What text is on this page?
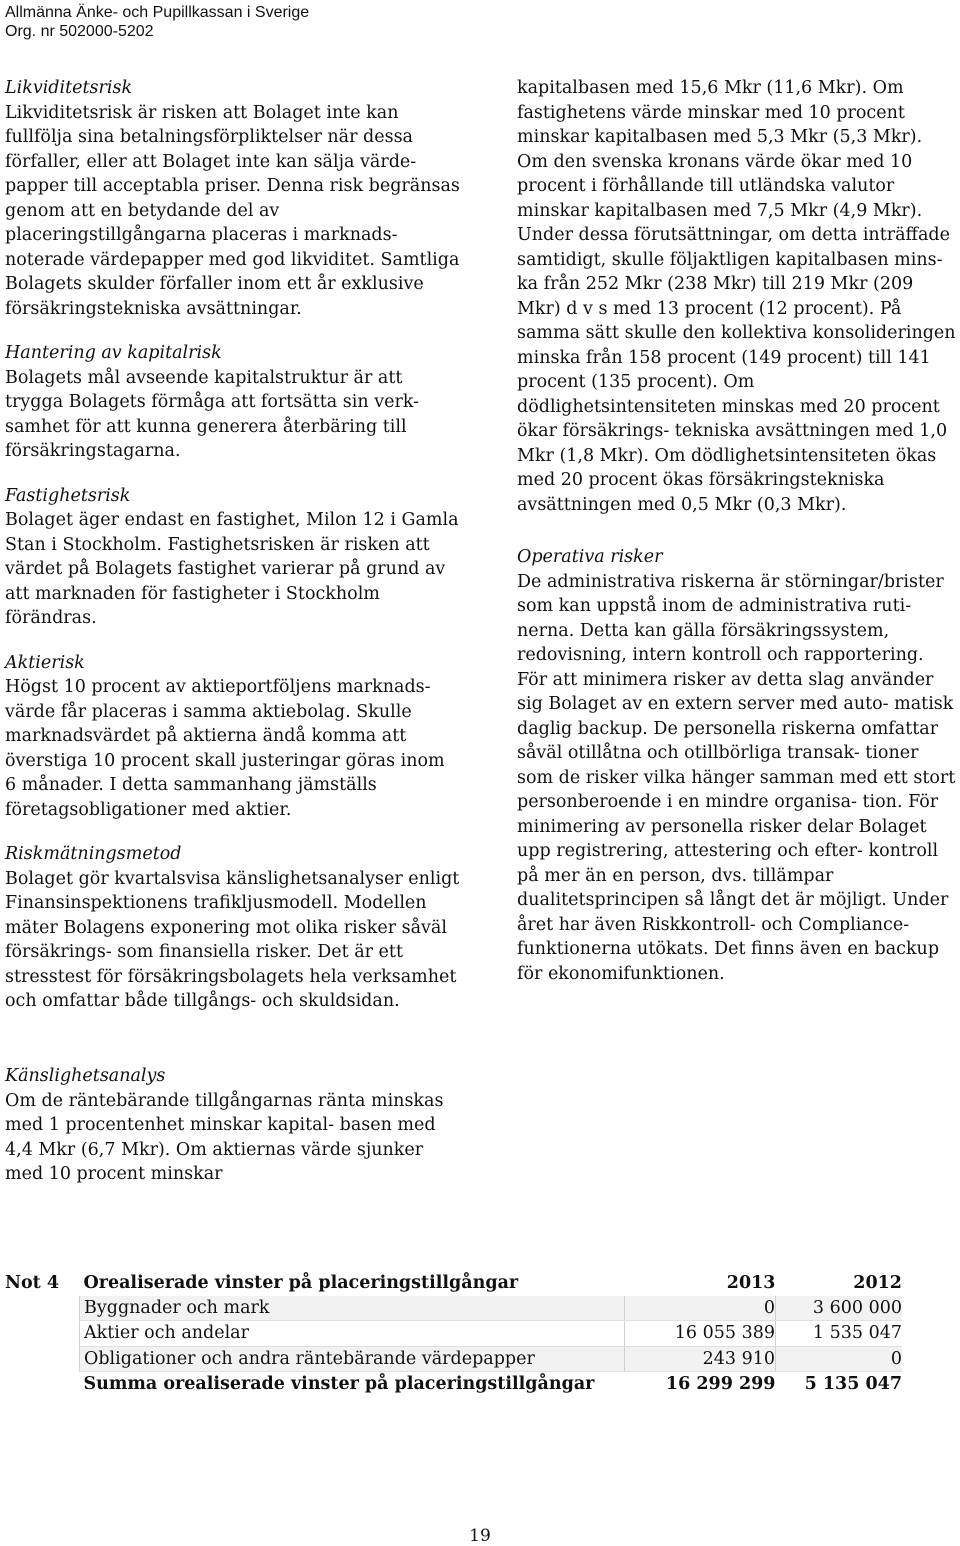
Allmänna Änke- och Pupillkassan i Sverige
Org. nr 502000-5202
Likviditetsrisk

Likviditetsrisk är risken att Bolaget inte kan fullfölja sina betalningsförpliktelser när dessa förfaller, eller att Bolaget inte kan sälja värde- papper till acceptabla priser. Denna risk begränsas genom att en betydande del av placeringstillgångarna placeras i marknads- noterade värdepapper med god likviditet. Samtliga Bolagets skulder förfaller inom ett år exklusive försäkringstekniska avsättningar.

Hantering av kapitalrisk

Bolagets mål avseende kapitalstruktur är att trygga Bolagets förmåga att fortsätta sin verk- samhet för att kunna generera återbäring till försäkringstagarna.

Fastighetsrisk

Bolaget äger endast en fastighet, Milon 12 i Gamla Stan i Stockholm. Fastighetsrisken är risken att värdet på Bolagets fastighet varierar på grund av att marknaden för fastigheter i Stockholm förändras.

Aktierisk

Högst 10 procent av aktieportföljens marknads- värde får placeras i samma aktiebolag. Skulle marknadsvärdet på aktierna ändå komma att överstiga 10 procent skall justeringar göras inom 6 månader. I detta sammanhang jämställs företagsobligationer med aktier.

Riskmätningsmetod

Bolaget gör kvartalsvisa känslighetsanalyser enligt Finansinspektionens trafikljusmodell. Modellen mäter Bolagens exponering mot olika risker såväl försäkrings- som finansiella risker. Det är ett stresstest för försäkringsbolagets hela verksamhet och omfattar både tillgångs- och skuldsidan.

Känslighetsanalys

Om de räntebärande tillgångarnas ränta minskas med 1 procentenhet minskar kapital- basen med 4,4 Mkr (6,7 Mkr). Om aktiernas värde sjunker med 10 procent minskar

kapitalbasen med 15,6 Mkr (11,6 Mkr). Om fastighetens värde minskar med 10 procent minskar kapitalbasen med 5,3 Mkr (5,3 Mkr). Om den svenska kronans värde ökar med 10 procent i förhållande till utländska valutor minskar kapitalbasen med 7,5 Mkr (4,9 Mkr). Under dessa förutsättningar, om detta inträffade samtidigt, skulle följaktligen kapitalbasen mins- ka från 252 Mkr (238 Mkr) till 219 Mkr (209 Mkr) d v s med 13 procent (12 procent). På samma sätt skulle den kollektiva konsolideringen minska från 158 procent (149 procent) till 141 procent (135 procent). Om dödlighetsintensiteten minskas med 20 procent ökar försäkrings- tekniska avsättningen med 1,0 Mkr (1,8 Mkr). Om dödlighetsintensiteten ökas med 20 procent ökas försäkringstekniska avsättningen med 0,5 Mkr (0,3 Mkr).

Operativa risker

De administrativa riskerna är störningar/brister som kan uppstå inom de administrativa ruti- nerna. Detta kan gälla försäkringssystem, redovisning, intern kontroll och rapportering. För att minimera risker av detta slag använder sig Bolaget av en extern server med auto- matisk daglig backup. De personella riskerna omfattar såväl otillåtna och otillbörliga transak- tioner som de risker vilka hänger samman med ett stort personberoende i en mindre organisa- tion. För minimering av personella risker delar Bolaget upp registrering, attestering och efter- kontroll på mer än en person, dvs. tillämpar dualitetsprincipen så långt det är möjligt. Under året har även Riskkontroll- och Compliance- funktionerna utökats. Det finns även en backup för ekonomifunktionen.

Not 4	Orealiserade vinster på placeringstillgångar	2013	2012
	Byggnader och mark	0	3 600 000
	Aktier och andelar	16 055 389	1 535 047
	Obligationer och andra räntebärande värdepapper	243 910	0
	Summa orealiserade vinster på placeringstillgångar	16 299 299	5 135 047
19
